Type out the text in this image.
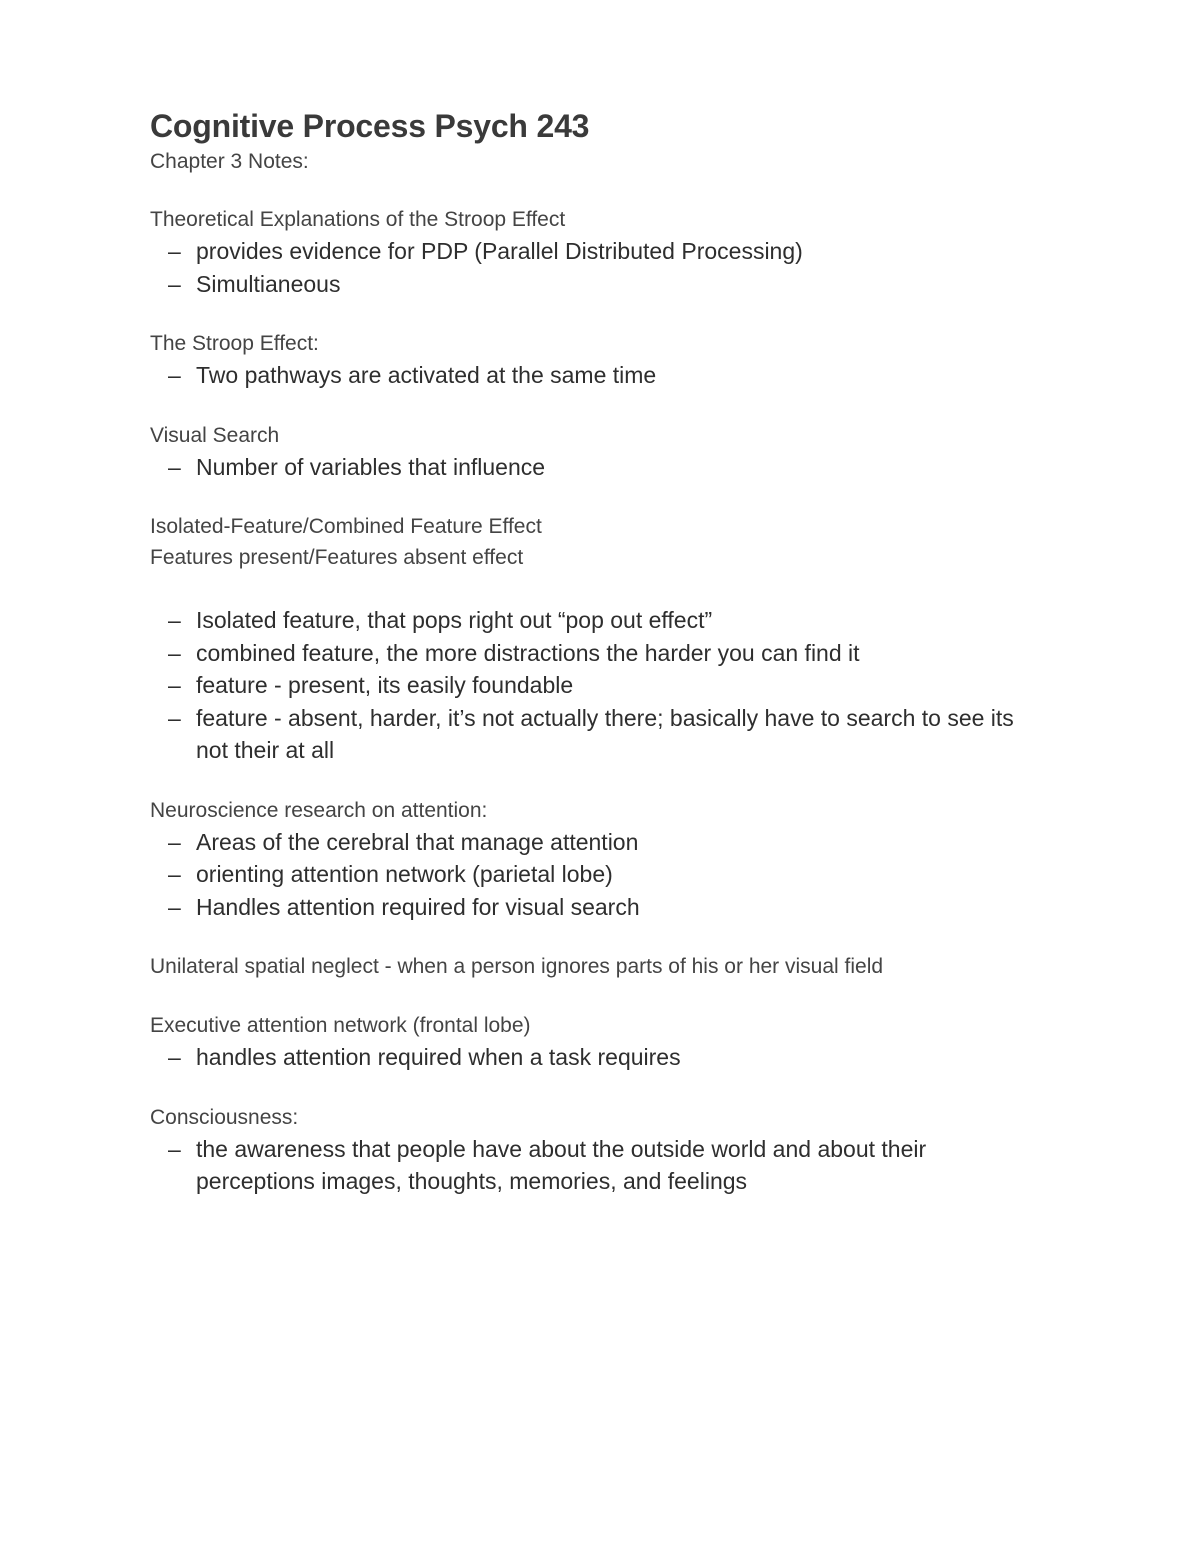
Cognitive Process Psych 243

Chapter 3 Notes:

Theoretical Explanations of the Stroop Effect

– provides evidence for PDP (Parallel Distributed Processing)
– Simultianeous

The Stroop Effect:

– Two pathways are activated at the same time

Visual Search

– Number of variables that influence

Isolated-Feature/Combined Feature Effect

Features present/Features absent effect

– Isolated feature, that pops right out “pop out effect”
– combined feature, the more distractions the harder you can find it
– feature - present, its easily foundable
– feature - absent, harder, it’s not actually there; basically have to search to see its not their at all

Neuroscience research on attention:

– Areas of the cerebral that manage attention
– orienting attention network (parietal lobe)
– Handles attention required for visual search

Unilateral spatial neglect - when a person ignores parts of his or her visual field

Executive attention network (frontal lobe)

– handles attention required when a task requires

Consciousness:

– the awareness that people have about the outside world and about their perceptions images, thoughts, memories, and feelings
